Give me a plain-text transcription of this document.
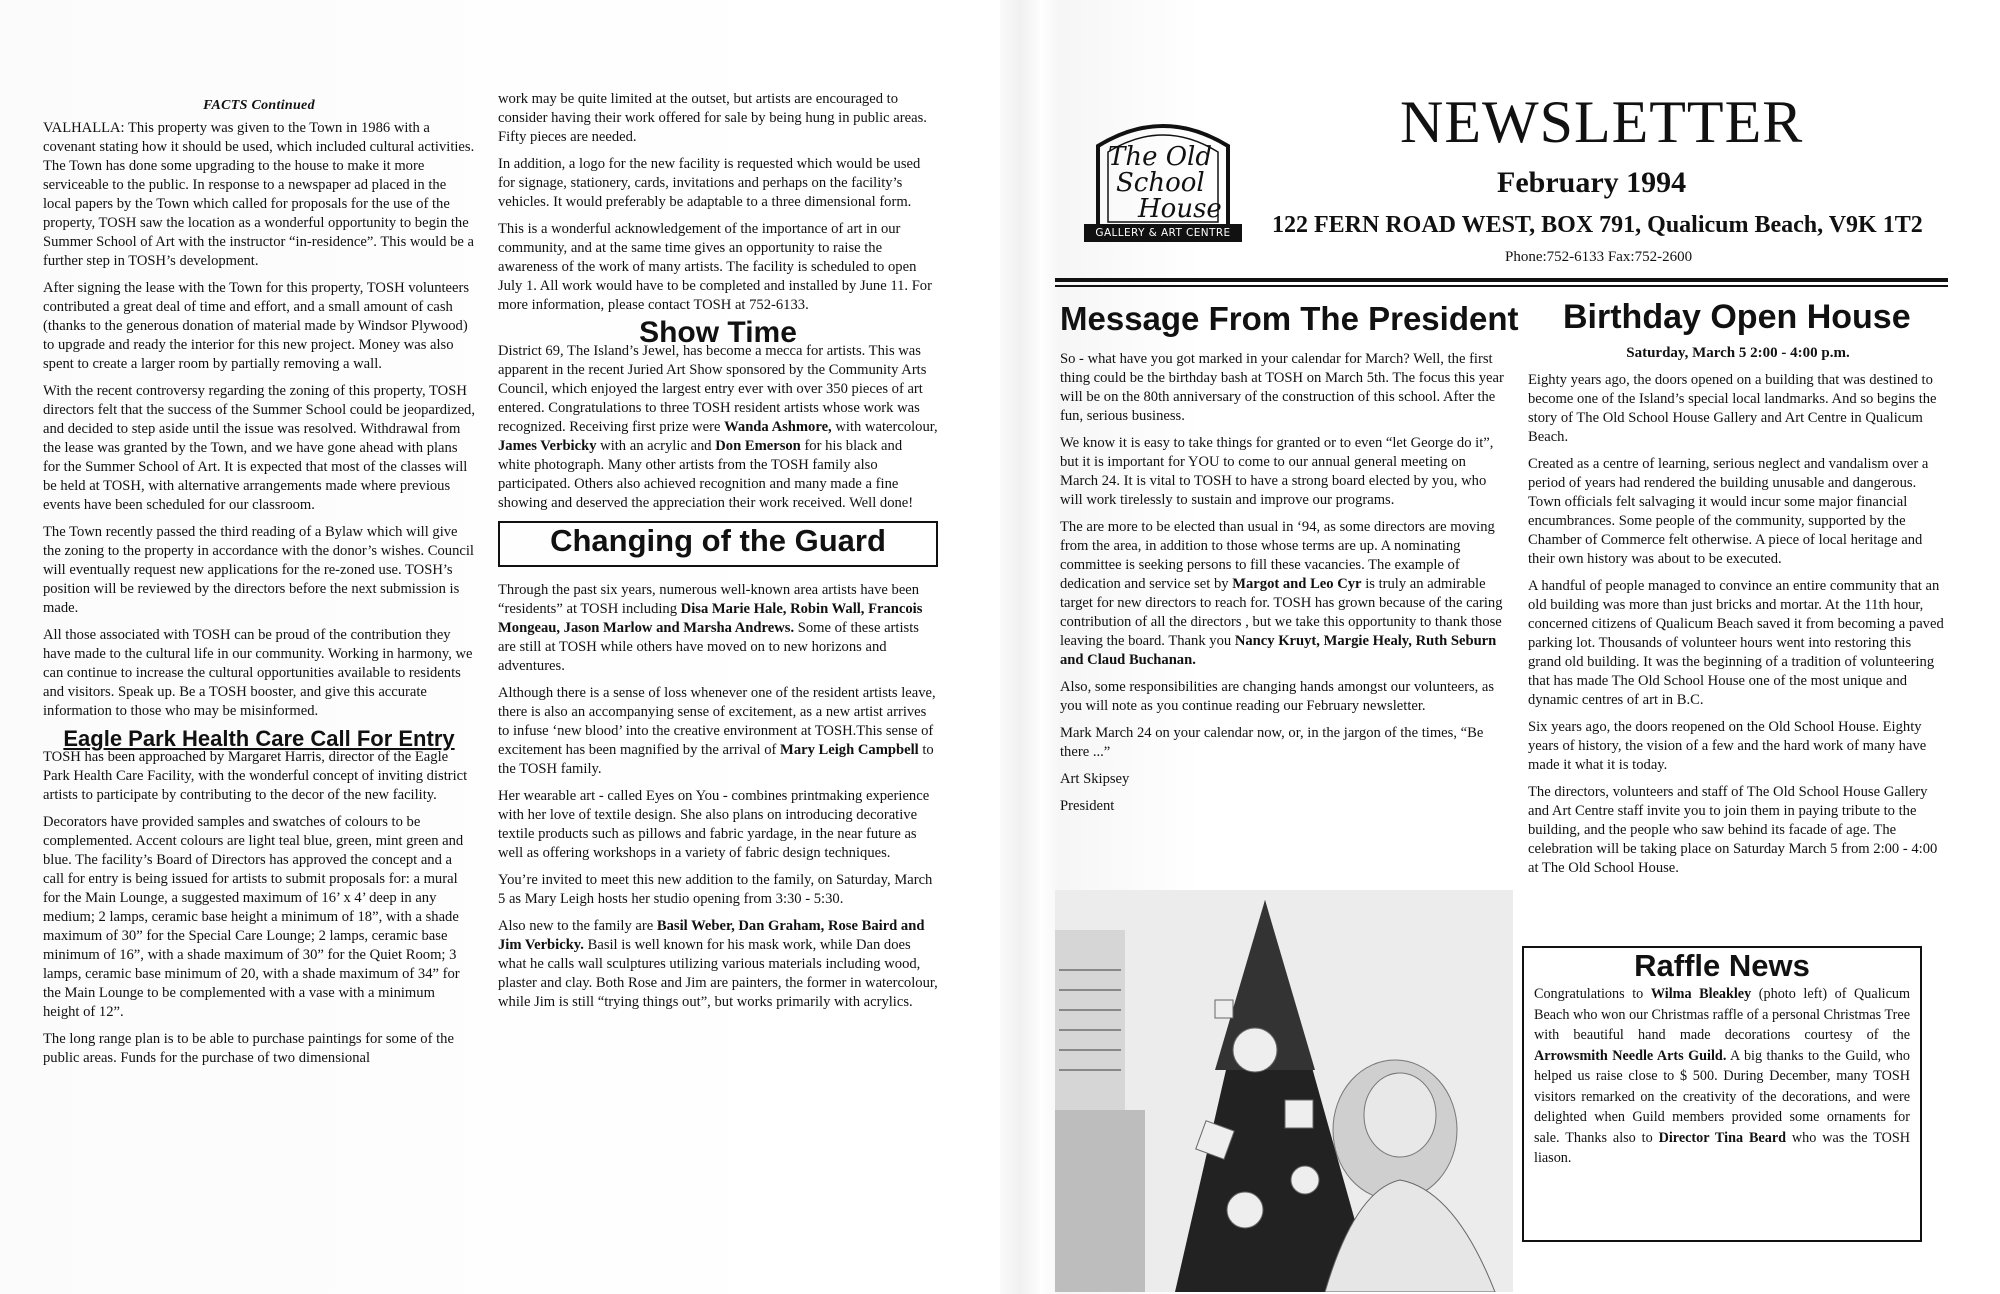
FACTS Continued

VALHALLA: This property was given to the Town in 1986 with a covenant stating how it should be used, which included cultural activities. The Town has done some upgrading to the house to make it more serviceable to the public. In response to a newspaper ad placed in the local papers by the Town which called for proposals for the use of the property, TOSH saw the location as a wonderful opportunity to begin the Summer School of Art with the instructor “in-residence”. This would be a further step in TOSH’s development.

After signing the lease with the Town for this property, TOSH volunteers contributed a great deal of time and effort, and a small amount of cash (thanks to the generous donation of material made by Windsor Plywood) to upgrade and ready the interior for this new project. Money was also spent to create a larger room by partially removing a wall.

With the recent controversy regarding the zoning of this property, TOSH directors felt that the success of the Summer School could be jeopardized, and decided to step aside until the issue was resolved. Withdrawal from the lease was granted by the Town, and we have gone ahead with plans for the Summer School of Art. It is expected that most of the classes will be held at TOSH, with alternative arrangements made where previous events have been scheduled for our classroom.

The Town recently passed the third reading of a Bylaw which will give the zoning to the property in accordance with the donor’s wishes. Council will eventually request new applications for the re-zoned use. TOSH’s position will be reviewed by the directors before the next submission is made.

All those associated with TOSH can be proud of the contribution they have made to the cultural life in our community. Working in harmony, we can continue to increase the cultural opportunities available to residents and visitors. Speak up. Be a TOSH booster, and give this accurate information to those who may be misinformed.

Eagle Park Health Care Call For Entry

TOSH has been approached by Margaret Harris, director of the Eagle Park Health Care Facility, with the wonderful concept of inviting district artists to participate by contributing to the decor of the new facility.

Decorators have provided samples and swatches of colours to be complemented. Accent colours are light teal blue, green, mint green and blue. The facility’s Board of Directors has approved the concept and a call for entry is being issued for artists to submit proposals for: a mural for the Main Lounge, a suggested maximum of 16’ x 4’ deep in any medium; 2 lamps, ceramic base height a minimum of 18”, with a shade maximum of 30” for the Special Care Lounge; 2 lamps, ceramic base minimum of 16”, with a shade maximum of 30” for the Quiet Room; 3 lamps, ceramic base minimum of 20, with a shade maximum of 34” for the Main Lounge to be complemented with a vase with a minimum height of 12”.

The long range plan is to be able to purchase paintings for some of the public areas. Funds for the purchase of two dimensional

work may be quite limited at the outset, but artists are encouraged to consider having their work offered for sale by being hung in public areas. Fifty pieces are needed.

In addition, a logo for the new facility is requested which would be used for signage, stationery, cards, invitations and perhaps on the facility’s vehicles. It would preferably be adaptable to a three dimensional form.

This is a wonderful acknowledgement of the importance of art in our community, and at the same time gives an opportunity to raise the awareness of the work of many artists. The facility is scheduled to open July 1. All work would have to be completed and installed by June 11. For more information, please contact TOSH at 752-6133.

Show Time

District 69, The Island’s Jewel, has become a mecca for artists. This was apparent in the recent Juried Art Show sponsored by the Community Arts Council, which enjoyed the largest entry ever with over 350 pieces of art entered. Congratulations to three TOSH resident artists whose work was recognized. Receiving first prize were Wanda Ashmore, with watercolour, James Verbicky with an acrylic and Don Emerson for his black and white photograph. Many other artists from the TOSH family also participated. Others also achieved recognition and many made a fine showing and deserved the appreciation their work received. Well done!

Changing of the Guard

Through the past six years, numerous well-known area artists have been “residents” at TOSH including Disa Marie Hale, Robin Wall, Francois Mongeau, Jason Marlow and Marsha Andrews. Some of these artists are still at TOSH while others have moved on to new horizons and adventures.

Although there is a sense of loss whenever one of the resident artists leave, there is also an accompanying sense of excitement, as a new artist arrives to infuse ‘new blood’ into the creative environment at TOSH.This sense of excitement has been magnified by the arrival of Mary Leigh Campbell to the TOSH family.

Her wearable art - called Eyes on You - combines printmaking experience with her love of textile design. She also plans on introducing decorative textile products such as pillows and fabric yardage, in the near future as well as offering workshops in a variety of fabric design techniques.

You’re invited to meet this new addition to the family, on Saturday, March 5 as Mary Leigh hosts her studio opening from 3:30 - 5:30.

Also new to the family are Basil Weber, Dan Graham, Rose Baird and Jim Verbicky. Basil is well known for his mask work, while Dan does what he calls wall sculptures utilizing various materials including wood, plaster and clay. Both Rose and Jim are painters, the former in watercolour, while Jim is still “trying things out”, but works primarily with acrylics.

The Old
School
House
GALLERY & ART CENTRE
NEWSLETTER
February 1994
122 FERN ROAD WEST, BOX 791, Qualicum Beach, V9K 1T2
Phone:752-6133 Fax:752-2600
Message From The President

So - what have you got marked in your calendar for March? Well, the first thing could be the birthday bash at TOSH on March 5th. The focus this year will be on the 80th anniversary of the construction of this school. After the fun, serious business.

We know it is easy to take things for granted or to even “let George do it”, but it is important for YOU to come to our annual general meeting on March 24. It is vital to TOSH to have a strong board elected by you, who will work tirelessly to sustain and improve our programs.

The are more to be elected than usual in ‘94, as some directors are moving from the area, in addition to those whose terms are up. A nominating committee is seeking persons to fill these vacancies. The example of dedication and service set by Margot and Leo Cyr is truly an admirable target for new directors to reach for. TOSH has grown because of the caring contribution of all the directors , but we take this opportunity to thank those leaving the board. Thank you Nancy Kruyt, Margie Healy, Ruth Seburn and Claud Buchanan.

Also, some responsibilities are changing hands amongst our volunteers, as you will note as you continue reading our February newsletter.

Mark March 24 on your calendar now, or, in the jargon of the times, “Be there ...”

Art Skipsey

President

Birthday Open House

Saturday, March 5 2:00 - 4:00 p.m.

Eighty years ago, the doors opened on a building that was destined to become one of the Island’s special local landmarks. And so begins the story of The Old School House Gallery and Art Centre in Qualicum Beach.

Created as a centre of learning, serious neglect and vandalism over a period of years had rendered the building unusable and dangerous. Town officials felt salvaging it would incur some major financial encumbrances. Some people of the community, supported by the Chamber of Commerce felt otherwise. A piece of local heritage and their own history was about to be executed.

A handful of people managed to convince an entire community that an old building was more than just bricks and mortar. At the 11th hour, concerned citizens of Qualicum Beach saved it from becoming a paved parking lot. Thousands of volunteer hours went into restoring this grand old building. It was the beginning of a tradition of volunteering that has made The Old School House one of the most unique and dynamic centres of art in B.C.

Six years ago, the doors reopened on the Old School House. Eighty years of history, the vision of a few and the hard work of many have made it what it is today.

The directors, volunteers and staff of The Old School House Gallery and Art Centre staff invite you to join them in paying tribute to the building, and the people who saw behind its facade of age. The celebration will be taking place on Saturday March 5 from 2:00 - 4:00 at The Old School House.

Raffle News

Congratulations to Wilma Bleakley (photo left) of Qualicum Beach who won our Christmas raffle of a personal Christmas Tree with beautiful hand made decorations courtesy of the Arrowsmith Needle Arts Guild. A big thanks to the Guild, who helped us raise close to $ 500. During December, many TOSH visitors remarked on the creativity of the decorations, and were delighted when Guild members provided some ornaments for sale. Thanks also to Director Tina Beard who was the TOSH liason.
